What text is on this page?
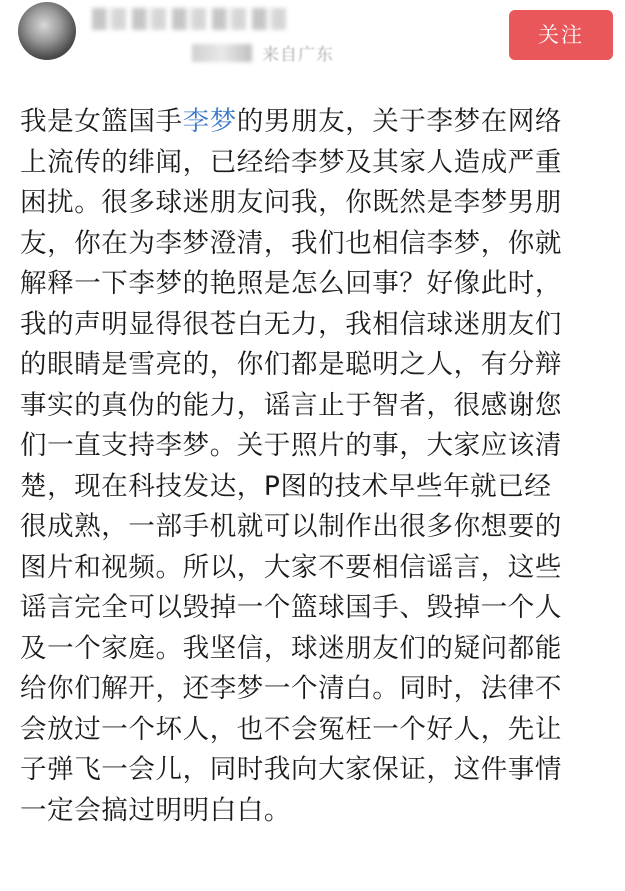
来自广东
关注
我是女篮国手李梦的男朋友，关于李梦在网络
上流传的绯闻，已经给李梦及其家人造成严重
困扰。很多球迷朋友问我，你既然是李梦男朋
友，你在为李梦澄清，我们也相信李梦，你就
解释一下李梦的艳照是怎么回事？好像此时，
我的声明显得很苍白无力，我相信球迷朋友们
的眼睛是雪亮的，你们都是聪明之人，有分辩
事实的真伪的能力，谣言止于智者，很感谢您
们一直支持李梦。关于照片的事，大家应该清
楚，现在科技发达，P图的技术早些年就已经
很成熟，一部手机就可以制作出很多你想要的
图片和视频。所以，大家不要相信谣言，这些
谣言完全可以毁掉一个篮球国手、毁掉一个人
及一个家庭。我坚信，球迷朋友们的疑问都能
给你们解开，还李梦一个清白。同时，法律不
会放过一个坏人，也不会冤枉一个好人，先让
子弹飞一会儿，同时我向大家保证，这件事情
一定会搞过明明白白。
